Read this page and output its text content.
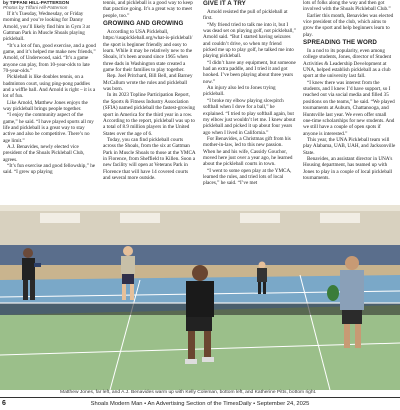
by TIFFANI HILL-PATTERSON
Photos by Tiffani Hill-Patterson

If it’s Tuesday, Wednesday, or Friday morning and you’re looking for Danny Arnold, you’ll likely find him in Gym 3 at Gattman Park in Muscle Shoals playing pickleball.

“It’s a lot of fun, good exercise, and a good game, and it’s helped me make new friends,” Arnold, of Underwood, said. “It’s a game anyone can play, from 10-year-olds to late 70-year-olds.”

Pickleball is like doubles tennis, on a badminton court, using ping-pong paddles and a wiffle ball. And Arnold is right – it is a lot of fun.

Like Arnold, Matthew Jones enjoys the way pickleball brings people together.

“I enjoy the community aspect of the game,” he said. “I have played sports all my life and pickleball is a great way to stay active and also be competitive. There’s no age limit.”

A.J. Benavides, newly elected vice president of the Shoals Pickleball Club, agrees.

“It’s fun exercise and good fellowship,” he said. “I grew up playing

tennis, and pickleball is a good way to keep that practice going. It’s a great way to meet people, too.”

GROWING AND GROWING

According to USA Pickleball, https://usapickleball.org/what-is-pickleball/ the sport is beginner friendly and easy to learn. While it may be relatively new to the Shoals, it’s been around since 1965 when three dads in Washington state created a game for their families to play together.

Rep. Joel Pritchard, Bill Bell, and Barney McCallum wrote the rules and pickleball was born.

In its 2023 Topline Participation Report, the Sports & Fitness Industry Association (SFIA) named pickleball the fastest-growing sport in America for the third year in a row. According to the report, pickleball was up to a total of 8.9 million players in the United States over the age of 6.

Today, you can find pickleball courts across the Shoals, from the six at Gattman Park in Muscle Shoals to those at the YMCA in Florence, from Sheffield to Killen. Soon a new facility will open at Veterans Park in Florence that will have 14 covered courts and several more outside.

GIVE IT A TRY

Arnold resisted the pull of pickleball at first.

“My friend tried to talk me into it, but I was dead set on playing golf, not pickleball,” Arnold said. “But I started having seizures and couldn’t drive, so when my friend picked me up to play golf, he talked me into playing pickleball.

“I didn’t have any equipment, but someone had an extra paddle, and I tried it and got hooked. I’ve been playing about three years now.”

An injury also led to Jones trying pickleball.

“I broke my elbow playing slowpitch softball when I dove for a ball,” he explained. “I tried to play softball again, but my elbow just wouldn’t let me. I knew about pickleball and picked it up about four years ago when I lived in California.”

For Benavides, a Christmas gift from his mother-in-law, led to this new passion. When he and his wife, Cassidy Gouchor, moved here just over a year ago, he learned about the pickleball courts in town.

“I went to some open play at the YMCA, learned the rules, and tried lots of local places,” he said. “I’ve met

lots of folks along the way and then got involved with the Shoals Pickleball Club.”

Earlier this month, Benavides was elected vice president of the club, which aims to grow the sport and help beginners learn to play.

SPREADING THE WORD

In a nod to its popularity, even among college students, Jones, director of Student Activities & Leadership Development at UNA, helped establish pickleball as a club sport at the university last fall.

“I knew there was interest from the students, and I knew I’d have support, so I reached out via social media and filled 35 positions on the teams,” he said. “We played tournaments at Auburn, Chattanooga, and Huntsville last year. We even offer small one-time scholarships for new students. And we still have a couple of open spots if anyone is interested.”

This year, the UNA Pickleball team will play Alabama, UAB, UAH, and Jacksonville State.

Benavides, an assistant director in UNA’s Housing department, has teamed up with Jones to play in a couple of local pickleball tournaments.

Matthew Jones, far left, and A.J. Benavides warm up with Kelly Coleman, bottom left, and Katherine Pitts, bottom right.
6	Shoals Modern Man • An Advertising Section of the TimesDaily • September 24, 2025
